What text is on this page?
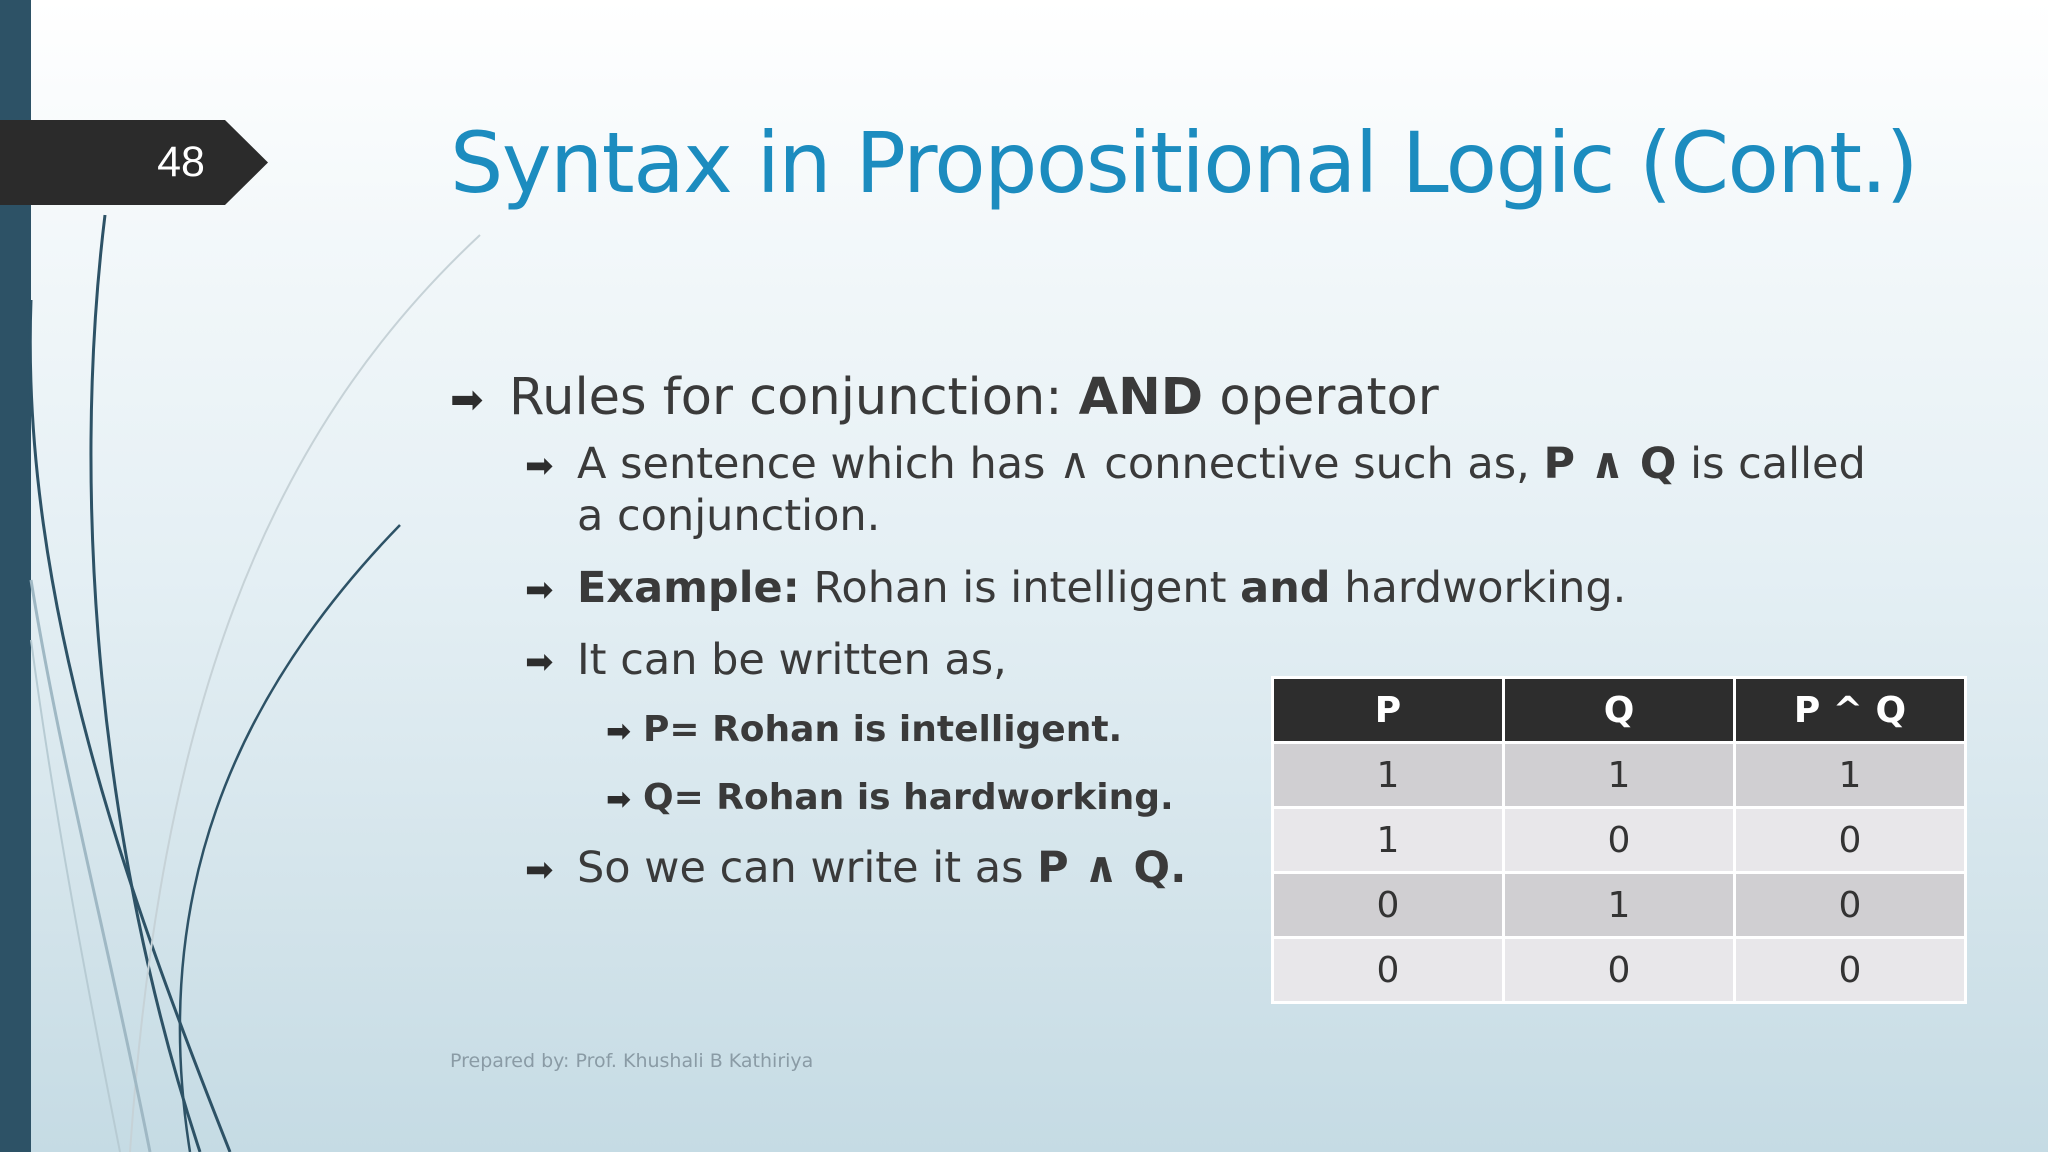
48	Syntax in Propositional Logic (Cont.)
➡ Rules for conjunction: AND operator
➡ A sentence which has ∧ connective such as, P ∧ Q is called a conjunction.
➡ Example: Rohan is intelligent and hardworking.
➡ It can be written as,
➡ P= Rohan is intelligent.
➡ Q= Rohan is hardworking.
➡ So we can write it as P ∧ Q.
P	Q	P ^ Q
1	1	1
1	0	0
0	1	0
0	0	0
Prepared by: Prof. Khushali B Kathiriya
